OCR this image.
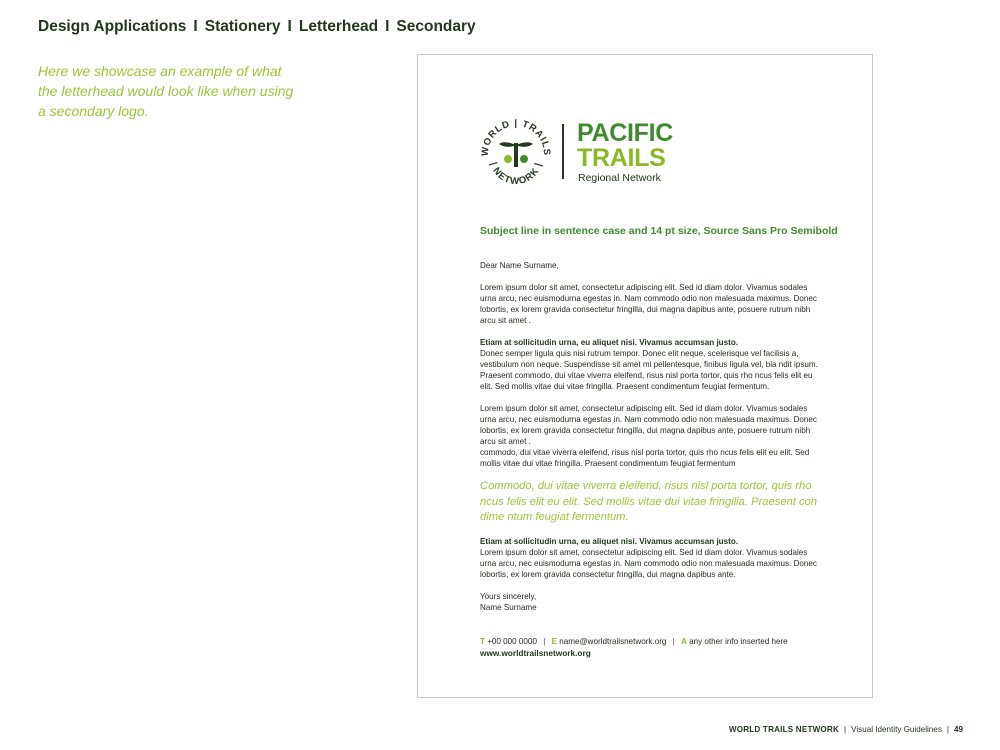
Design Applications I Stationery I Letterhead I Secondary

Here we showcase an example of what the letterhead would look like when using a secondary logo.

WORLD | TRAILS
| NETWORK |
PACIFIC
TRAILS
Regional Network
Subject line in sentence case and 14 pt size, Source Sans Pro Semibold

Dear Name Surname,

Lorem ipsum dolor sit amet, consectetur adipiscing elit. Sed id diam dolor. Vivamus sodales urna arcu, nec euismodurna egestas in. Nam commodo odio non malesuada maximus. Donec lobortis, ex lorem gravida consectetur fringilla, dui magna dapibus ante, posuere rutrum nibh arcu sit amet .

Etiam at sollicitudin urna, eu aliquet nisi. Vivamus accumsan justo.

Donec semper ligula quis nisi rutrum tempor. Donec elit neque, scelerisque vel facilisis a, vestibulum non neque. Suspendisse sit amet mi pellentesque, finibus ligula vel, bla ndit ipsum. Praesent commodo, dui vitae viverra eleifend, risus nisl porta tortor, quis rho ncus felis elit eu elit. Sed mollis vitae dui vitae fringilla. Praesent condimentum feugiat fermentum.

Lorem ipsum dolor sit amet, consectetur adipiscing elit. Sed id diam dolor. Vivamus sodales urna arcu, nec euismodurna egestas in. Nam commodo odio non malesuada maximus. Donec lobortis, ex lorem gravida consectetur fringilla, dui magna dapibus ante, posuere rutrum nibh arcu sit amet .

commodo, dui vitae viverra eleifend, risus nisl porta tortor, quis rho ncus felis elit eu elit. Sed mollis vitae dui vitae fringilla. Praesent condimentum feugiat fermentum

Commodo, dui vitae viverra eleifend, risus nisl porta tortor, quis rho ncus felis elit eu elit. Sed mollis vitae dui vitae fringilla. Praesent con dime ntum feugiat fermentum.

Etiam at sollicitudin urna, eu aliquet nisi. Vivamus accumsan justo.

Lorem ipsum dolor sit amet, consectetur adipiscing elit. Sed id diam dolor. Vivamus sodales urna arcu, nec euismodurna egestas in. Nam commodo odio non malesuada maximus. Donec lobortis, ex lorem gravida consectetur fringilla, dui magna dapibus ante.

Yours sincerely,

Name Surname

T +00 000 0000 | E name@worldtrailsnetwork.org | A any other info inserted here
www.worldtrailsnetwork.org
WORLD TRAILS NETWORK | Visual Identity Guidelines | 49
